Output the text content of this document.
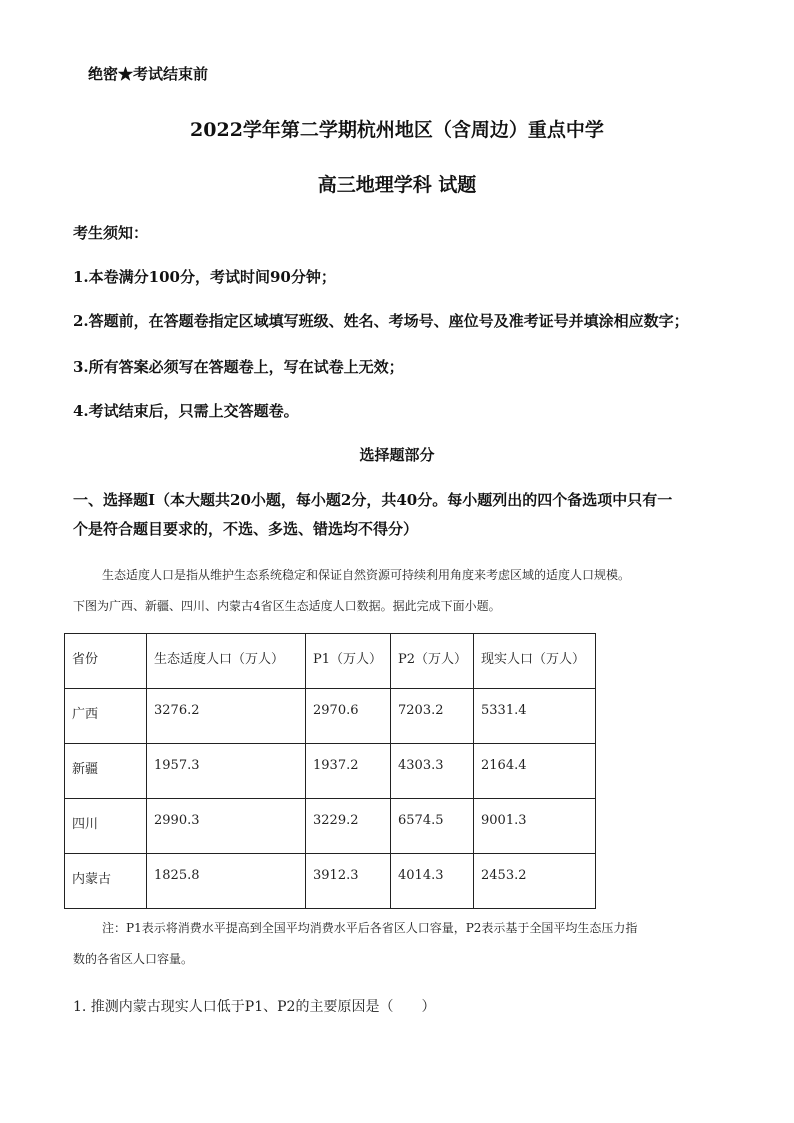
绝密★考试结束前
2022学年第二学期杭州地区（含周边）重点中学
高三地理学科 试题
考生须知：
1.本卷满分100分，考试时间90分钟；
2.答题前，在答题卷指定区域填写班级、姓名、考场号、座位号及准考证号并填涂相应数字；
3.所有答案必须写在答题卷上，写在试卷上无效；
4.考试结束后，只需上交答题卷。
选择题部分
一、选择题Ⅰ（本大题共20小题，每小题2分，共40分。每小题列出的四个备选项中只有一
个是符合题目要求的，不选、多选、错选均不得分）
生态适度人口是指从维护生态系统稳定和保证自然资源可持续利用角度来考虑区域的适度人口规模。
下图为广西、新疆、四川、内蒙古4省区生态适度人口数据。据此完成下面小题。
省份	生态适度人口（万人）	P1（万人）	P2（万人）	现实人口（万人）
广西	3276.2	2970.6	7203.2	5331.4
新疆	1957.3	1937.2	4303.3	2164.4
四川	2990.3	3229.2	6574.5	9001.3
内蒙古	1825.8	3912.3	4014.3	2453.2
注：P1表示将消费水平提高到全国平均消费水平后各省区人口容量，P2表示基于全国平均生态压力指
数的各省区人口容量。
1. 推测内蒙古现实人口低于P1、P2的主要原因是（　　）
